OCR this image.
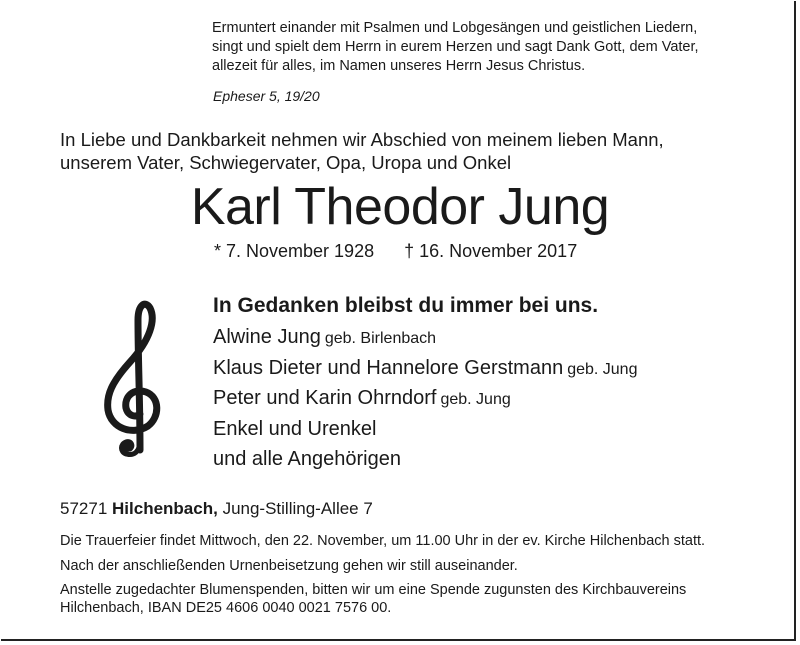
Ermuntert einander mit Psalmen und Lobgesängen und geistlichen Liedern,
singt und spielt dem Herrn in eurem Herzen und sagt Dank Gott, dem Vater,
allezeit für alles, im Namen unseres Herrn Jesus Christus.
Epheser 5, 19/20
In Liebe und Dankbarkeit nehmen wir Abschied von meinem lieben Mann,
unserem Vater, Schwiegervater, Opa, Uropa und Onkel
Karl Theodor Jung
* 7. November 1928 † 16. November 2017
In Gedanken bleibst du immer bei uns.
Alwine Jung geb. Birlenbach
Klaus Dieter und Hannelore Gerstmann geb. Jung
Peter und Karin Ohrndorf geb. Jung
Enkel und Urenkel
und alle Angehörigen
57271 Hilchenbach, Jung-Stilling-Allee 7
Die Trauerfeier findet Mittwoch, den 22. November, um 11.00 Uhr in der ev. Kirche Hilchenbach statt.
Nach der anschließenden Urnenbeisetzung gehen wir still auseinander.
Anstelle zugedachter Blumenspenden, bitten wir um eine Spende zugunsten des Kirchbauvereins
Hilchenbach, IBAN DE25 4606 0040 0021 7576 00.
